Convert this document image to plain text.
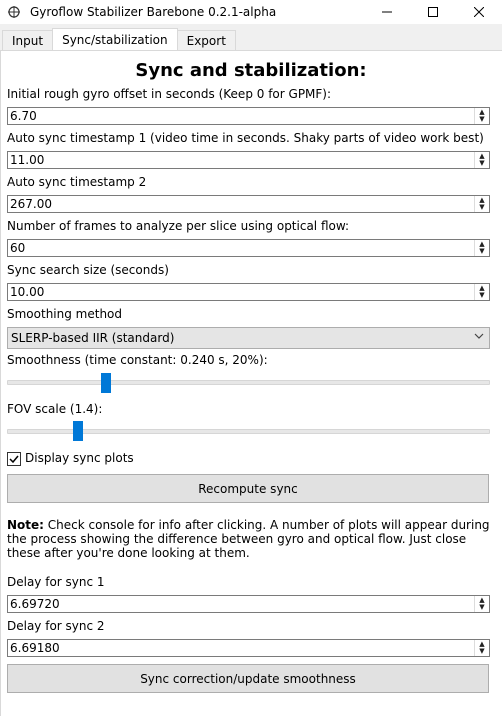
Gyroflow Stabilizer Barebone 0.2.1-alpha
Input	Sync/stabilization	Export
Sync and stabilization:
Initial rough gyro offset in seconds (Keep 0 for GPMF):
6.70	▲
▼
Auto sync timestamp 1 (video time in seconds. Shaky parts of video work best)
11.00	▲
▼
Auto sync timestamp 2
267.00	▲
▼
Number of frames to analyze per slice using optical flow:
60	▲
▼
Sync search size (seconds)
10.00	▲
▼
Smoothing method
SLERP-based IIR (standard)
Smoothness (time constant: 0.240 s, 20%):
FOV scale (1.4):
Display sync plots
Recompute sync
Note: Check console for info after clicking. A number of plots will appear during the process showing the difference between gyro and optical flow. Just close these after you're done looking at them.
Delay for sync 1
6.69720	▲
▼
Delay for sync 2
6.69180	▲
▼
Sync correction/update smoothness
